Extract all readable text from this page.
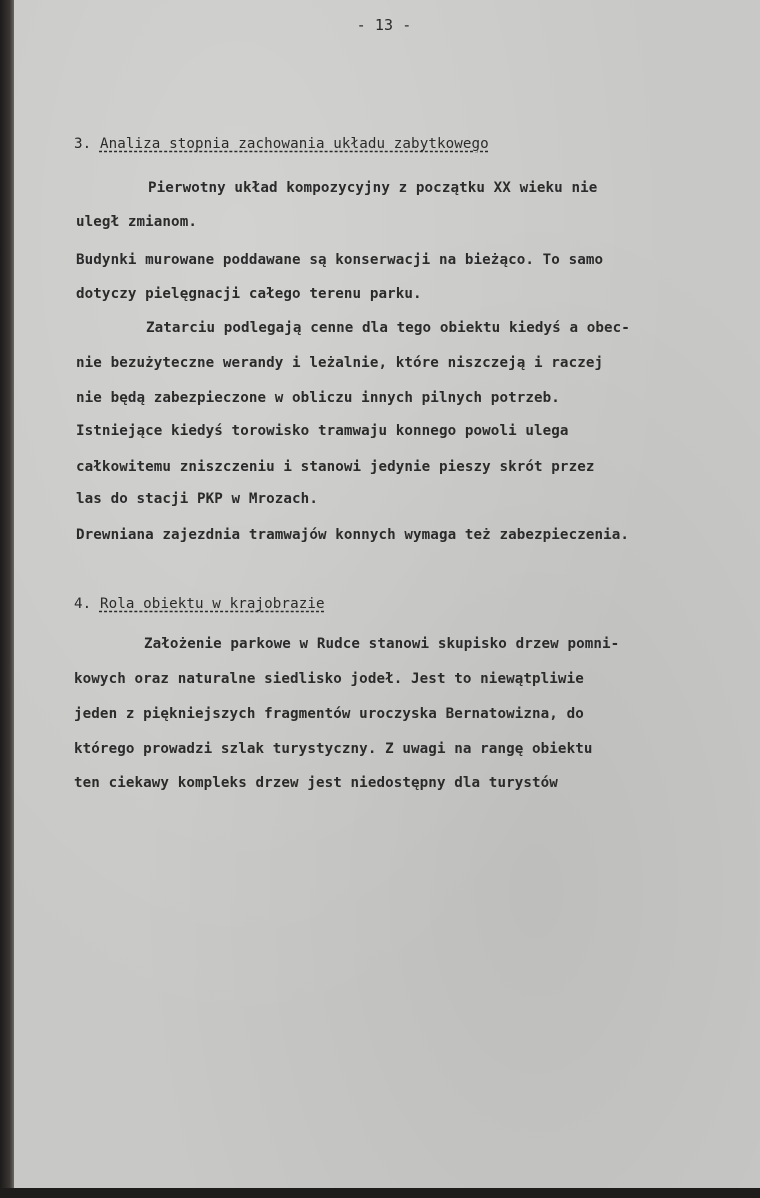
- 13 -
3. Analiza stopnia zachowania układu zabytkowego
Pierwotny układ kompozycyjny z początku XX wieku nie
uległ zmianom.
Budynki murowane poddawane są konserwacji na bieżąco. To samo
dotyczy pielęgnacji całego terenu parku.
Zatarciu podlegają cenne dla tego obiektu kiedyś a obec-
nie bezużyteczne werandy i leżalnie, które niszczeją i raczej
nie będą zabezpieczone w obliczu innych pilnych potrzeb.
Istniejące kiedyś torowisko tramwaju konnego powoli ulega
całkowitemu zniszczeniu i stanowi jedynie pieszy skrót przez
las do stacji PKP w Mrozach.
Drewniana zajezdnia tramwajów konnych wymaga też zabezpieczenia.
4. Rola obiektu w krajobrazie
Założenie parkowe w Rudce stanowi skupisko drzew pomni-
kowych oraz naturalne siedlisko jodeł. Jest to niewątpliwie
jeden z piękniejszych fragmentów uroczyska Bernatowizna, do
którego prowadzi szlak turystyczny. Z uwagi na rangę obiektu
ten ciekawy kompleks drzew jest niedostępny dla turystów
